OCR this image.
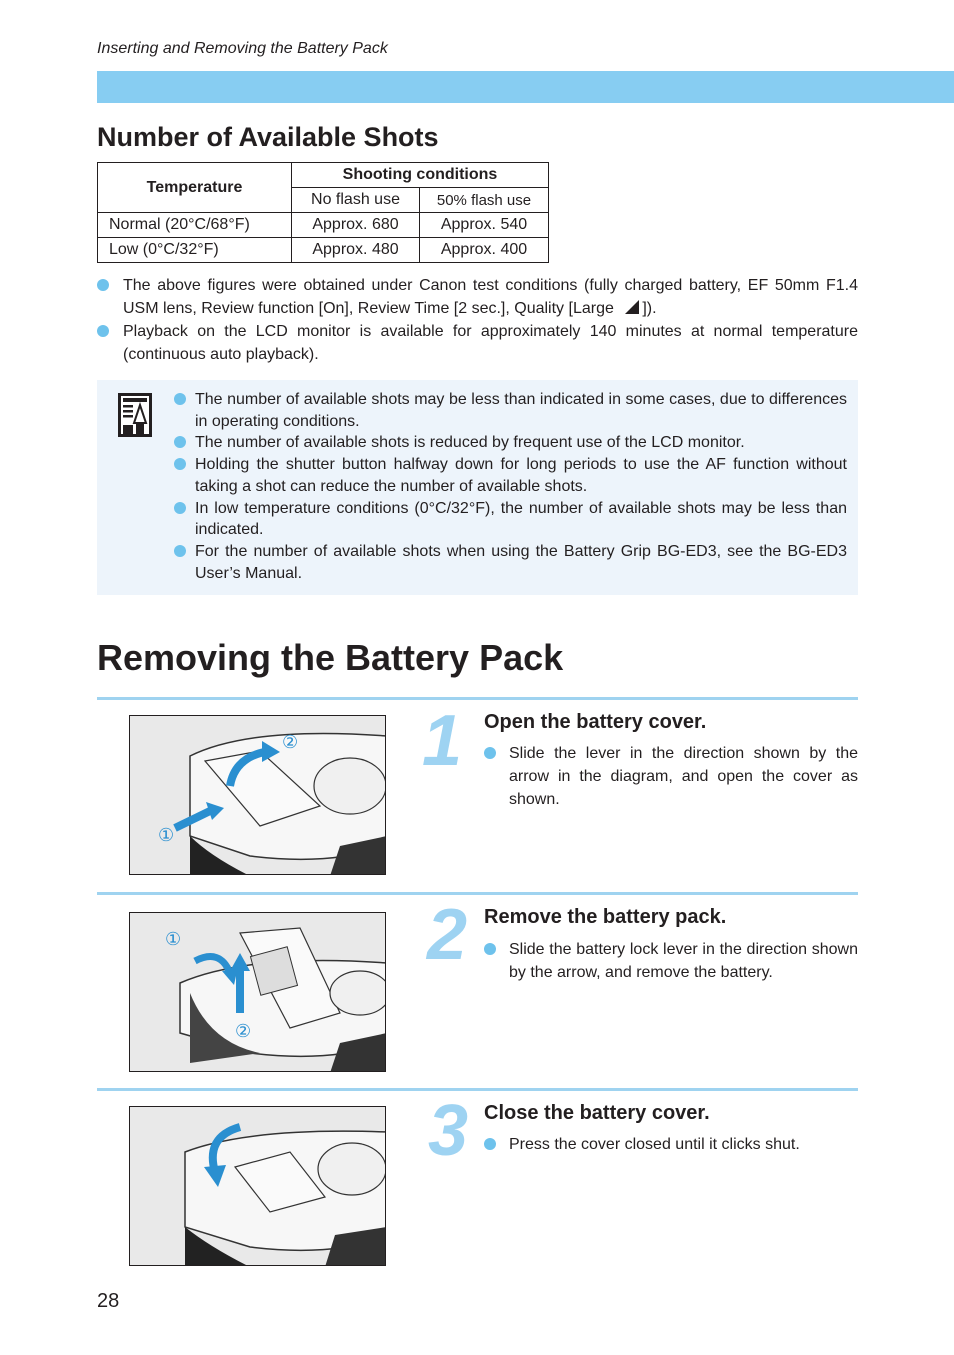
Inserting and Removing the Battery Pack
Number of Available Shots
Temperature	Shooting conditions	
	No flash use	50% flash use
Normal (20°C/68°F)	Approx. 680	Approx. 540
Low (0°C/32°F)	Approx. 480	Approx. 400
The above figures were obtained under Canon test conditions (fully charged battery, EF 50mm F1.4 USM lens, Review function [On], Review Time [2 sec.], Quality [Large ]).
Playback on the LCD monitor is available for approximately 140 minutes at normal temperature (continuous auto playback).
The number of available shots may be less than indicated in some cases, due to differences in operating conditions.
The number of available shots is reduced by frequent use of the LCD monitor.
Holding the shutter button halfway down for long periods to use the AF function without taking a shot can reduce the number of available shots.
In low temperature conditions (0°C/32°F), the number of available shots may be less than indicated.
For the number of available shots when using the Battery Grip BG-ED3, see the BG-ED3 User’s Manual.
Removing the Battery Pack
②
①
1 Open the battery cover.
Slide the lever in the direction shown by the arrow in the diagram, and open the cover as shown.
①
②
2 Remove the battery pack.
Slide the battery lock lever in the direction shown by the arrow, and remove the battery.
3 Close the battery cover.
Press the cover closed until it clicks shut.
28
